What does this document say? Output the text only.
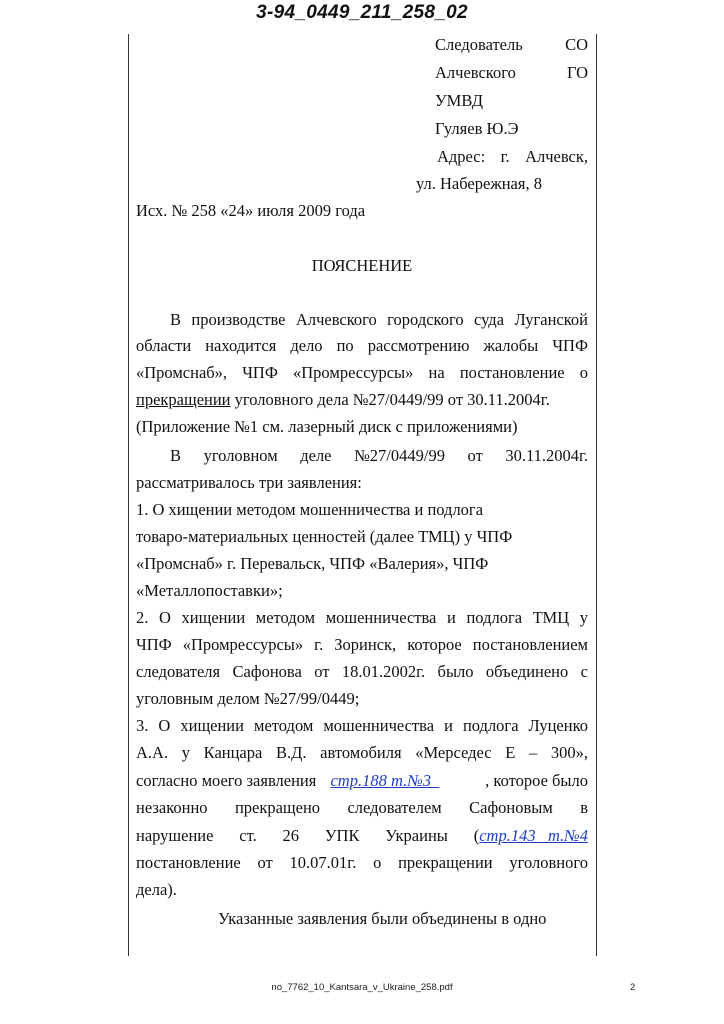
3-94_0449_211_258_02
Следователь	СО
Алчевского	ГО
УМВД
Гуляев Ю.Э
Адрес: г. Алчевск,
ул. Набережная, 8
Исх. № 258 «24» июля 2009 года
ПОЯСНЕНИЕ
В производстве Алчевского городского суда Луганской
области находится дело по рассмотрению жалобы ЧПФ
«Промснаб», ЧПФ «Промрессурсы» на постановление о
прекращении уголовного дела №27/0449/99 от 30.11.2004г.
(Приложение №1 см. лазерный диск с приложениями)
В уголовном деле №27/0449/99 от 30.11.2004г.
рассматривалось три заявления:
1. О хищении методом мошенничества и подлога
товаро-материальных ценностей (далее ТМЦ) у ЧПФ
«Промснаб» г. Перевальск, ЧПФ «Валерия», ЧПФ
«Металлопоставки»;
2. О хищении методом мошенничества и подлога ТМЦ у
ЧПФ «Промрессурсы» г. Зоринск, которое постановлением
следователя Сафонова от 18.01.2002г. было объединено с
уголовным делом №27/99/0449;
3. О хищении методом мошенничества и подлога Луценко
А.А. у Канцара В.Д. автомобиля «Мерседес Е – 300»,
согласно моего заявления стр.188 т.№3	, которое было
незаконно прекращено следователем Сафоновым в
нарушение ст. 26 УПК Украины (стр.143   т.№4
постановление от 10.07.01г. о прекращении уголовного
дела).
Указанные заявления были объединены в одно
no_7762_10_Kantsara_v_Ukraine_258.pdf	2
